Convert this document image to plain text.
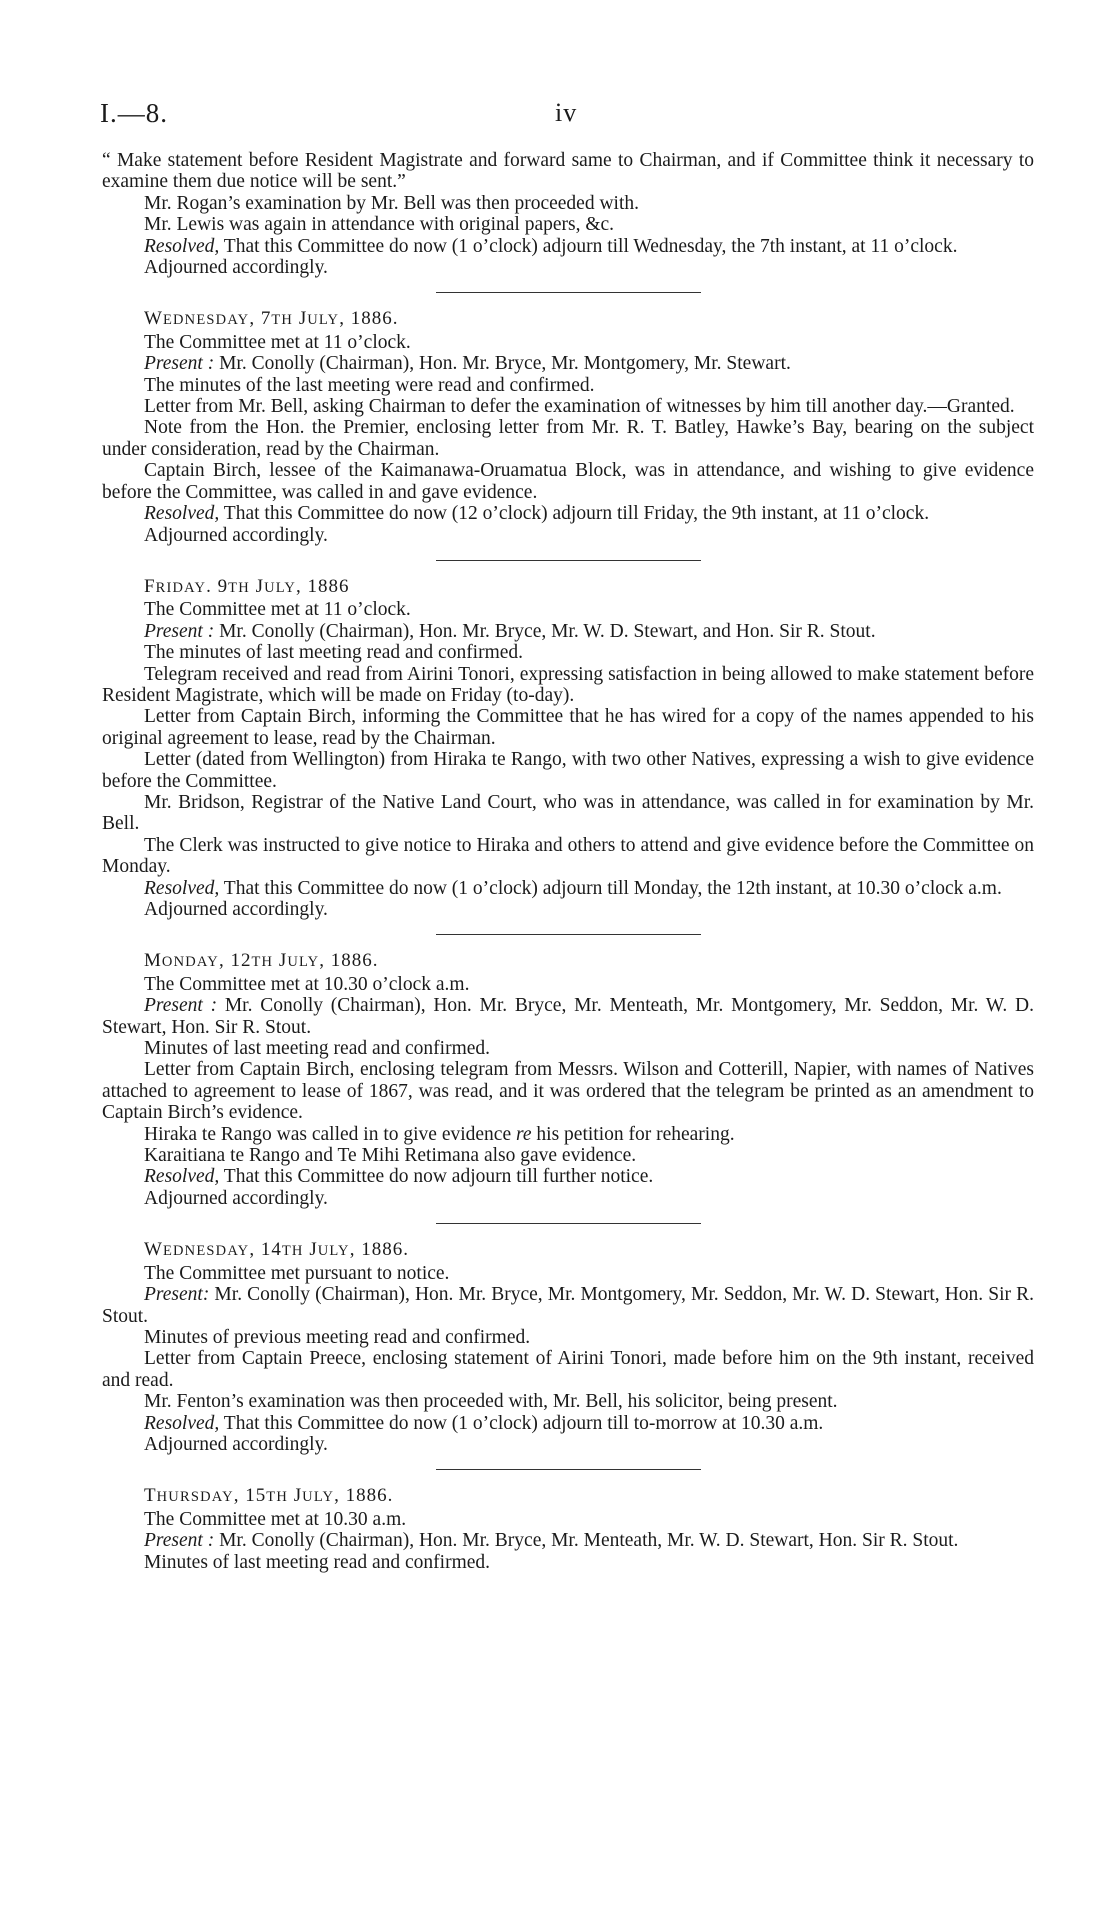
I.—8.	iv

“ Make statement before Resident Magistrate and forward same to Chairman, and if Committee think it necessary to examine them due notice will be sent.”

Mr. Rogan’s examination by Mr. Bell was then proceeded with.

Mr. Lewis was again in attendance with original papers, &c.

Resolved, That this Committee do now (1 o’clock) adjourn till Wednesday, the 7th instant, at 11 o’clock.

Adjourned accordingly.

WEDNESDAY, 7TH JULY, 1886.

The Committee met at 11 o’clock.

Present : Mr. Conolly (Chairman), Hon. Mr. Bryce, Mr. Montgomery, Mr. Stewart.

The minutes of the last meeting were read and confirmed.

Letter from Mr. Bell, asking Chairman to defer the examination of witnesses by him till another day.—Granted.

Note from the Hon. the Premier, enclosing letter from Mr. R. T. Batley, Hawke’s Bay, bearing on the subject under consideration, read by the Chairman.

Captain Birch, lessee of the Kaimanawa-Oruamatua Block, was in attendance, and wishing to give evidence before the Committee, was called in and gave evidence.

Resolved, That this Committee do now (12 o’clock) adjourn till Friday, the 9th instant, at 11 o’clock.

Adjourned accordingly.

FRIDAY. 9TH JULY, 1886

The Committee met at 11 o’clock.

Present : Mr. Conolly (Chairman), Hon. Mr. Bryce, Mr. W. D. Stewart, and Hon. Sir R. Stout.

The minutes of last meeting read and confirmed.

Telegram received and read from Airini Tonori, expressing satisfaction in being allowed to make statement before Resident Magistrate, which will be made on Friday (to-day).

Letter from Captain Birch, informing the Committee that he has wired for a copy of the names appended to his original agreement to lease, read by the Chairman.

Letter (dated from Wellington) from Hiraka te Rango, with two other Natives, expressing a wish to give evidence before the Committee.

Mr. Bridson, Registrar of the Native Land Court, who was in attendance, was called in for examination by Mr. Bell.

The Clerk was instructed to give notice to Hiraka and others to attend and give evidence before the Committee on Monday.

Resolved, That this Committee do now (1 o’clock) adjourn till Monday, the 12th instant, at 10.30 o’clock a.m.

Adjourned accordingly.

MONDAY, 12TH JULY, 1886.

The Committee met at 10.30 o’clock a.m.

Present : Mr. Conolly (Chairman), Hon. Mr. Bryce, Mr. Menteath, Mr. Montgomery, Mr. Seddon, Mr. W. D. Stewart, Hon. Sir R. Stout.

Minutes of last meeting read and confirmed.

Letter from Captain Birch, enclosing telegram from Messrs. Wilson and Cotterill, Napier, with names of Natives attached to agreement to lease of 1867, was read, and it was ordered that the telegram be printed as an amendment to Captain Birch’s evidence.

Hiraka te Rango was called in to give evidence re his petition for rehearing.

Karaitiana te Rango and Te Mihi Retimana also gave evidence.

Resolved, That this Committee do now adjourn till further notice.

Adjourned accordingly.

WEDNESDAY, 14TH JULY, 1886.

The Committee met pursuant to notice.

Present: Mr. Conolly (Chairman), Hon. Mr. Bryce, Mr. Montgomery, Mr. Seddon, Mr. W. D. Stewart, Hon. Sir R. Stout.

Minutes of previous meeting read and confirmed.

Letter from Captain Preece, enclosing statement of Airini Tonori, made before him on the 9th instant, received and read.

Mr. Fenton’s examination was then proceeded with, Mr. Bell, his solicitor, being present.

Resolved, That this Committee do now (1 o’clock) adjourn till to-morrow at 10.30 a.m.

Adjourned accordingly.

THURSDAY, 15TH JULY, 1886.

The Committee met at 10.30 a.m.

Present : Mr. Conolly (Chairman), Hon. Mr. Bryce, Mr. Menteath, Mr. W. D. Stewart, Hon. Sir R. Stout.

Minutes of last meeting read and confirmed.
